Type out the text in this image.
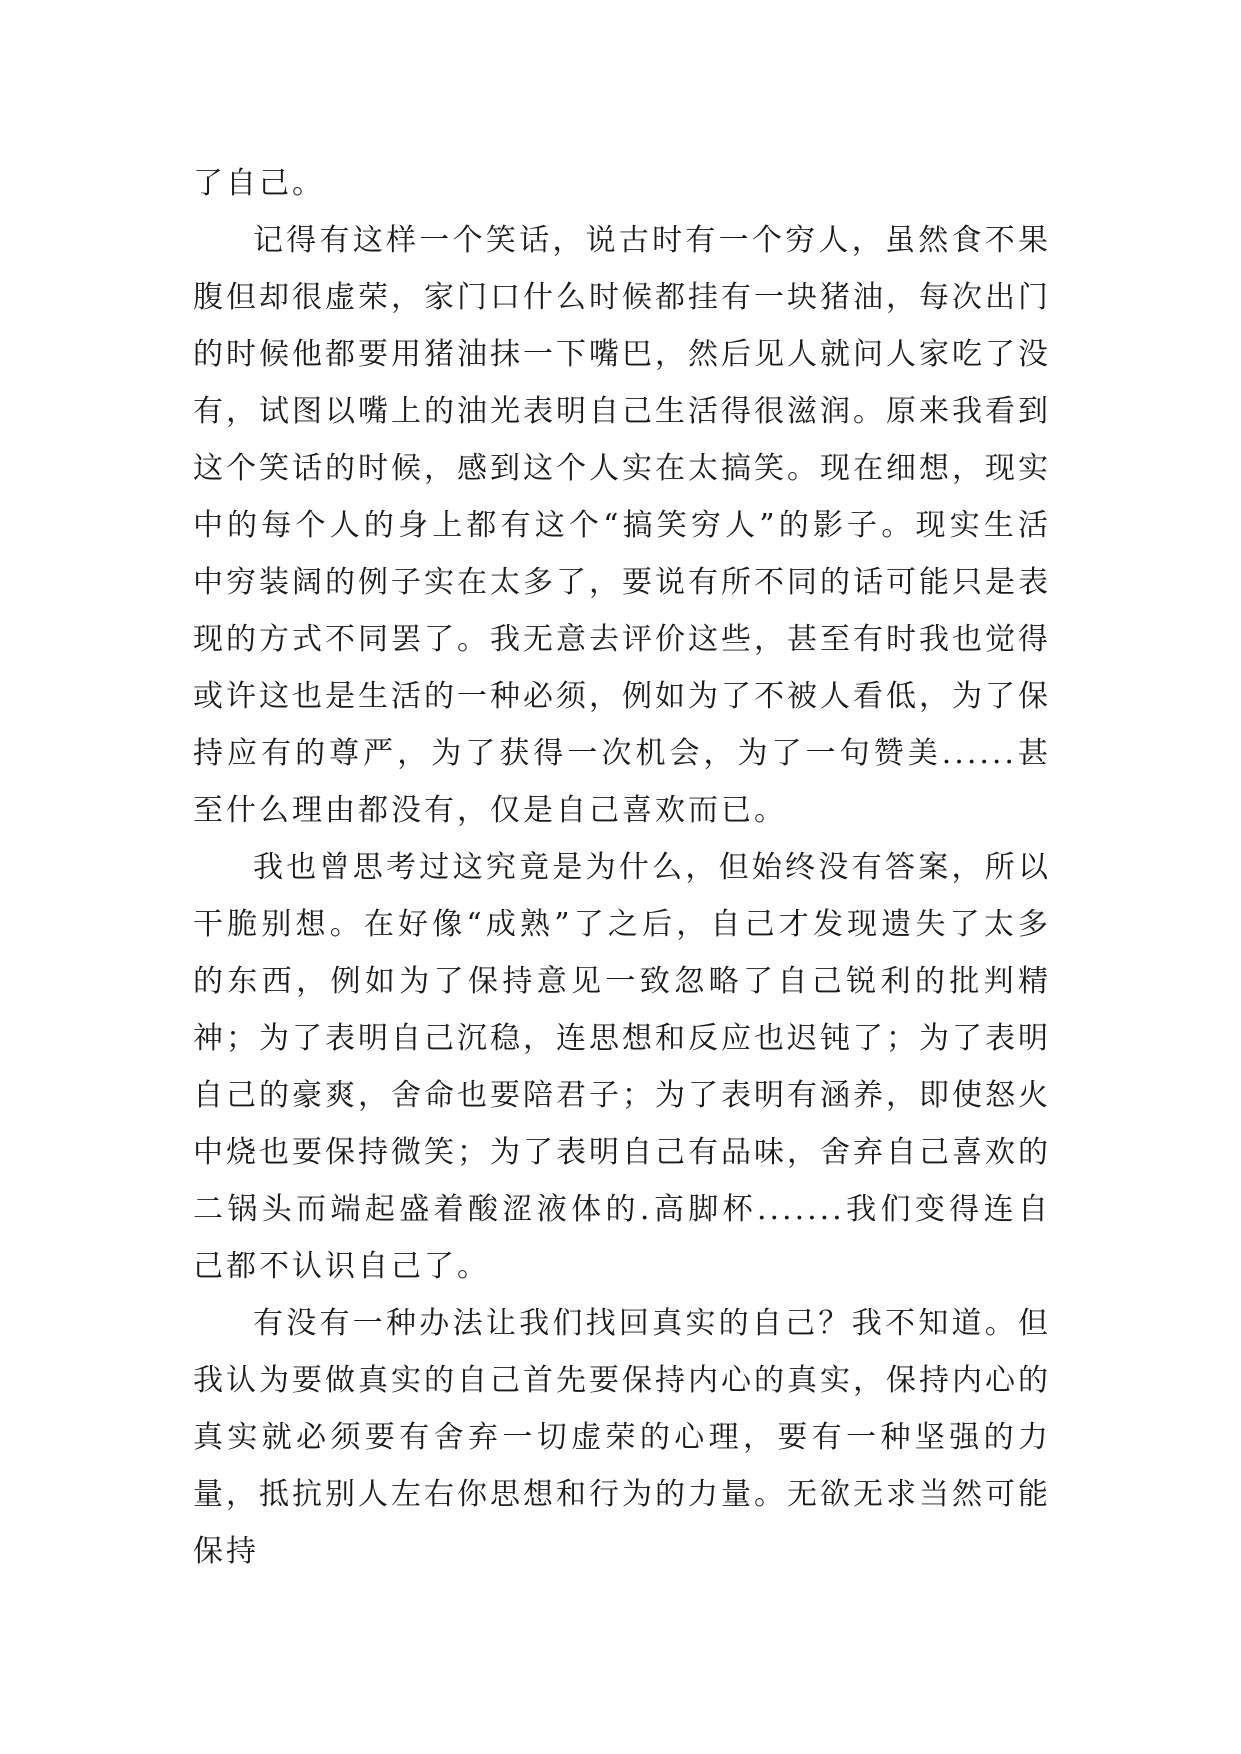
了自己。

记得有这样一个笑话，说古时有一个穷人，虽然食不果腹但却很虚荣，家门口什么时候都挂有一块猪油，每次出门的时候他都要用猪油抹一下嘴巴，然后见人就问人家吃了没有，试图以嘴上的油光表明自己生活得很滋润。原来我看到这个笑话的时候，感到这个人实在太搞笑。现在细想，现实中的每个人的身上都有这个“搞笑穷人”的影子。现实生活中穷装阔的例子实在太多了，要说有所不同的话可能只是表现的方式不同罢了。我无意去评价这些，甚至有时我也觉得或许这也是生活的一种必须，例如为了不被人看低，为了保持应有的尊严，为了获得一次机会，为了一句赞美......甚至什么理由都没有，仅是自己喜欢而已。

我也曾思考过这究竟是为什么，但始终没有答案，所以干脆别想。在好像“成熟”了之后，自己才发现遗失了太多的东西，例如为了保持意见一致忽略了自己锐利的批判精神；为了表明自己沉稳，连思想和反应也迟钝了；为了表明自己的豪爽，舍命也要陪君子；为了表明有涵养，即使怒火中烧也要保持微笑；为了表明自己有品味，舍弃自己喜欢的二锅头而端起盛着酸涩液体的.高脚杯.......我们变得连自己都不认识自己了。

有没有一种办法让我们找回真实的自己？我不知道。但我认为要做真实的自己首先要保持内心的真实，保持内心的真实就必须要有舍弃一切虚荣的心理，要有一种坚强的力量，抵抗别人左右你思想和行为的力量。无欲无求当然可能保持
